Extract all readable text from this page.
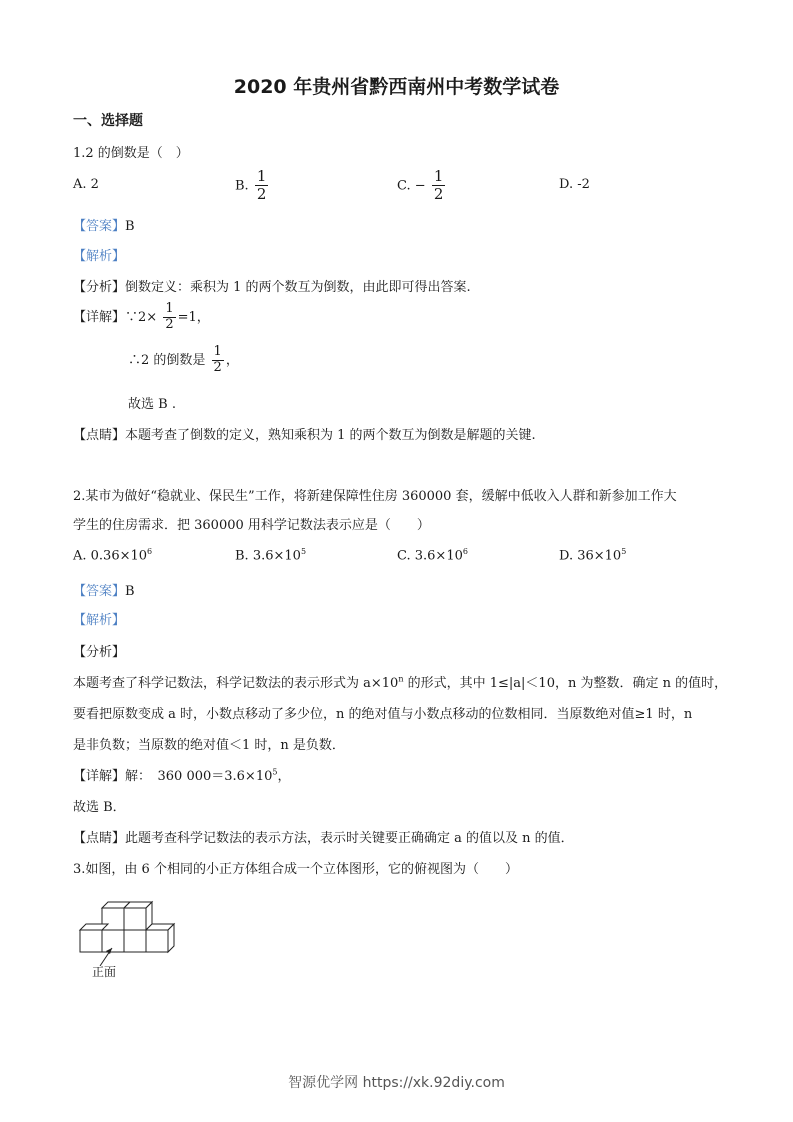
2020 年贵州省黔西南州中考数学试卷
一、选择题
1.2 的倒数是（　）
A. 2	B. $\frac{1}{2}$	C. − $\frac{1}{2}$	D. -2
【答案】B
【解析】
【分析】倒数定义：乘积为 1 的两个数互为倒数，由此即可得出答案.
【详解】∵2× $\frac{1}{2} =1$，
∴2 的倒数是 $\frac{1}{2}$ ，
故选 B .
【点睛】本题考查了倒数的定义，熟知乘积为 1 的两个数互为倒数是解题的关键.
2.某市为做好“稳就业、保民生”工作，将新建保障性住房 360000 套，缓解中低收入人群和新参加工作大
学生的住房需求．把 360000 用科学记数法表示应是（　　）
A. $0.36\times 10^6$	B. $3.6\times 10^5$	C. $3.6\times 10^6$	D. $36\times 10^5$
【答案】B
【解析】
【分析】
本题考查了科学记数法，科学记数法的表示形式为 $a\times 10^n$ 的形式，其中 1≤|a|＜10，n 为整数．确定 n 的值时，
要看把原数变成 a 时，小数点移动了多少位，n 的绝对值与小数点移动的位数相同．当原数绝对值≥1 时，n
是非负数；当原数的绝对值＜1 时，n 是负数．
【详解】解：　360 $000=3.6\times 10^5$，
故选 B．
【点睛】此题考查科学记数法的表示方法，表示时关键要正确确定 a 的值以及 n 的值．
3.如图，由 6 个相同的小正方体组合成一个立体图形，它的俯视图为（　　）
正面
智源优学网 https://xk.92diy.com
